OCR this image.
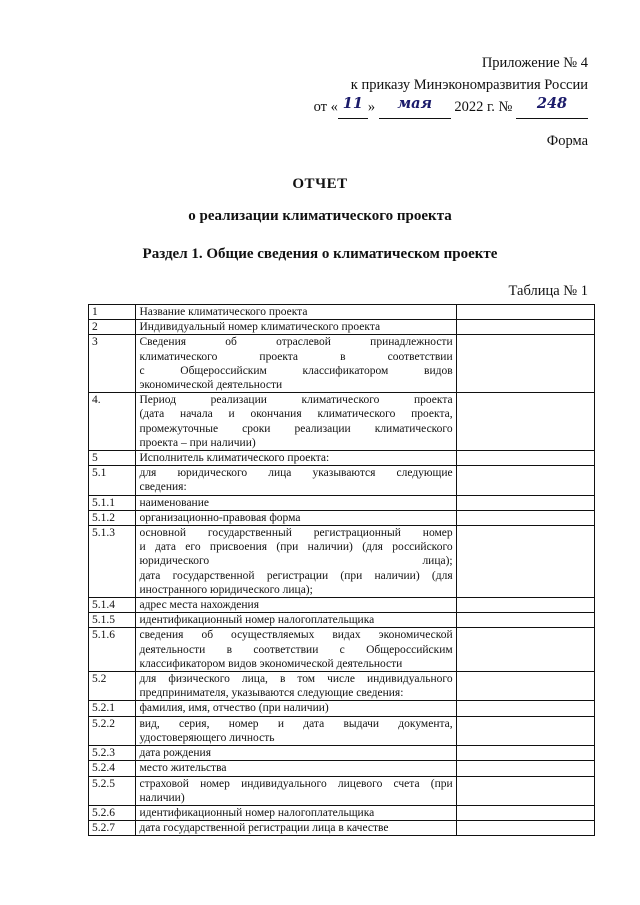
Приложение № 4
к приказу Минэкономразвития России
от « 11 » мая 2022 г. № 248
Форма
ОТЧЕТ
о реализации климатического проекта
Раздел 1. Общие сведения о климатическом проекте
Таблица № 1
1	Название климатического проекта	

2	Индивидуальный номер климатического проекта	

3	Сведения об отраслевой принадлежности
климатического проекта в соответствии
с Общероссийским классификатором видов
экономической деятельности	

4.	Период реализации климатического проекта
(дата начала и окончания климатического проекта,
промежуточные сроки реализации климатического
проекта – при наличии)	

5	Исполнитель климатического проекта:	

5.1	для юридического лица указываются следующие
сведения:	

5.1.1	наименование	

5.1.2	организационно-правовая форма	

5.1.3	основной государственный регистрационный номер
и дата его присвоения (при наличии) (для российского
юридического лица);
дата государственной регистрации (при наличии) (для
иностранного юридического лица);	

5.1.4	адрес места нахождения	

5.1.5	идентификационный номер налогоплательщика	

5.1.6	сведения об осуществляемых видах экономической
деятельности в соответствии с Общероссийским
классификатором видов экономической деятельности	

5.2	для физического лица, в том числе индивидуального
предпринимателя, указываются следующие сведения:	

5.2.1	фамилия, имя, отчество (при наличии)	

5.2.2	вид, серия, номер и дата выдачи документа,
удостоверяющего личность	

5.2.3	дата рождения	

5.2.4	место жительства	

5.2.5	страховой номер индивидуального лицевого счета (при
наличии)	

5.2.6	идентификационный номер налогоплательщика	

5.2.7	дата государственной регистрации лица в качестве	
